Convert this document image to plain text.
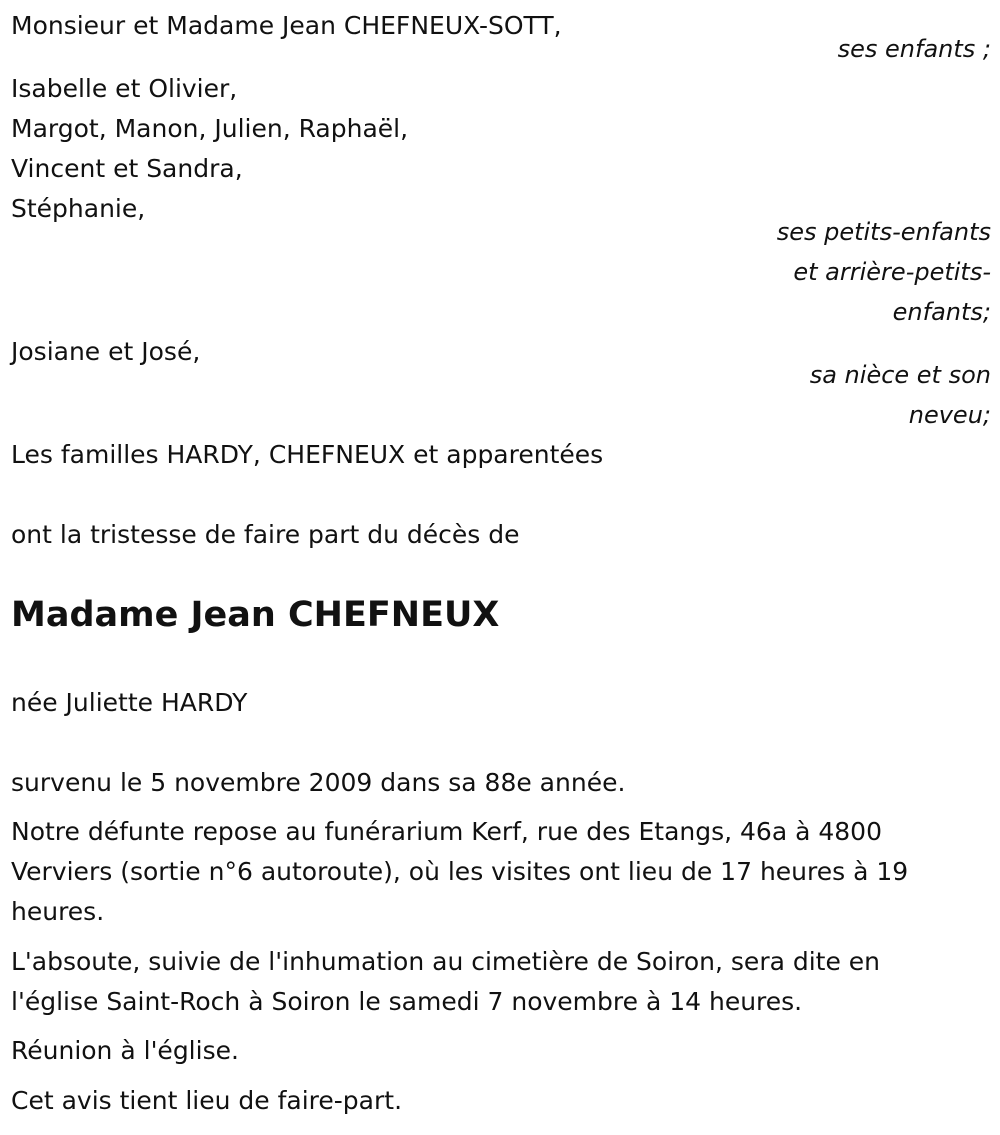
Monsieur et Madame Jean CHEFNEUX-SOTT,
ses enfants ;
Isabelle et Olivier,
Margot, Manon, Julien, Raphaël,
Vincent et Sandra,
Stéphanie,
ses petits-enfants
et arrière-petits-
enfants;
Josiane et José,
sa nièce et son
neveu;
Les familles HARDY, CHEFNEUX et apparentées
ont la tristesse de faire part du décès de
Madame Jean CHEFNEUX
née Juliette HARDY
survenu le 5 novembre 2009 dans sa 88e année.
Notre défunte repose au funérarium Kerf, rue des Etangs, 46a à 4800
Verviers (sortie n°6 autoroute), où les visites ont lieu de 17 heures à 19
heures.
L'absoute, suivie de l'inhumation au cimetière de Soiron, sera dite en
l'église Saint-Roch à Soiron le samedi 7 novembre à 14 heures.
Réunion à l'église.
Cet avis tient lieu de faire-part.
